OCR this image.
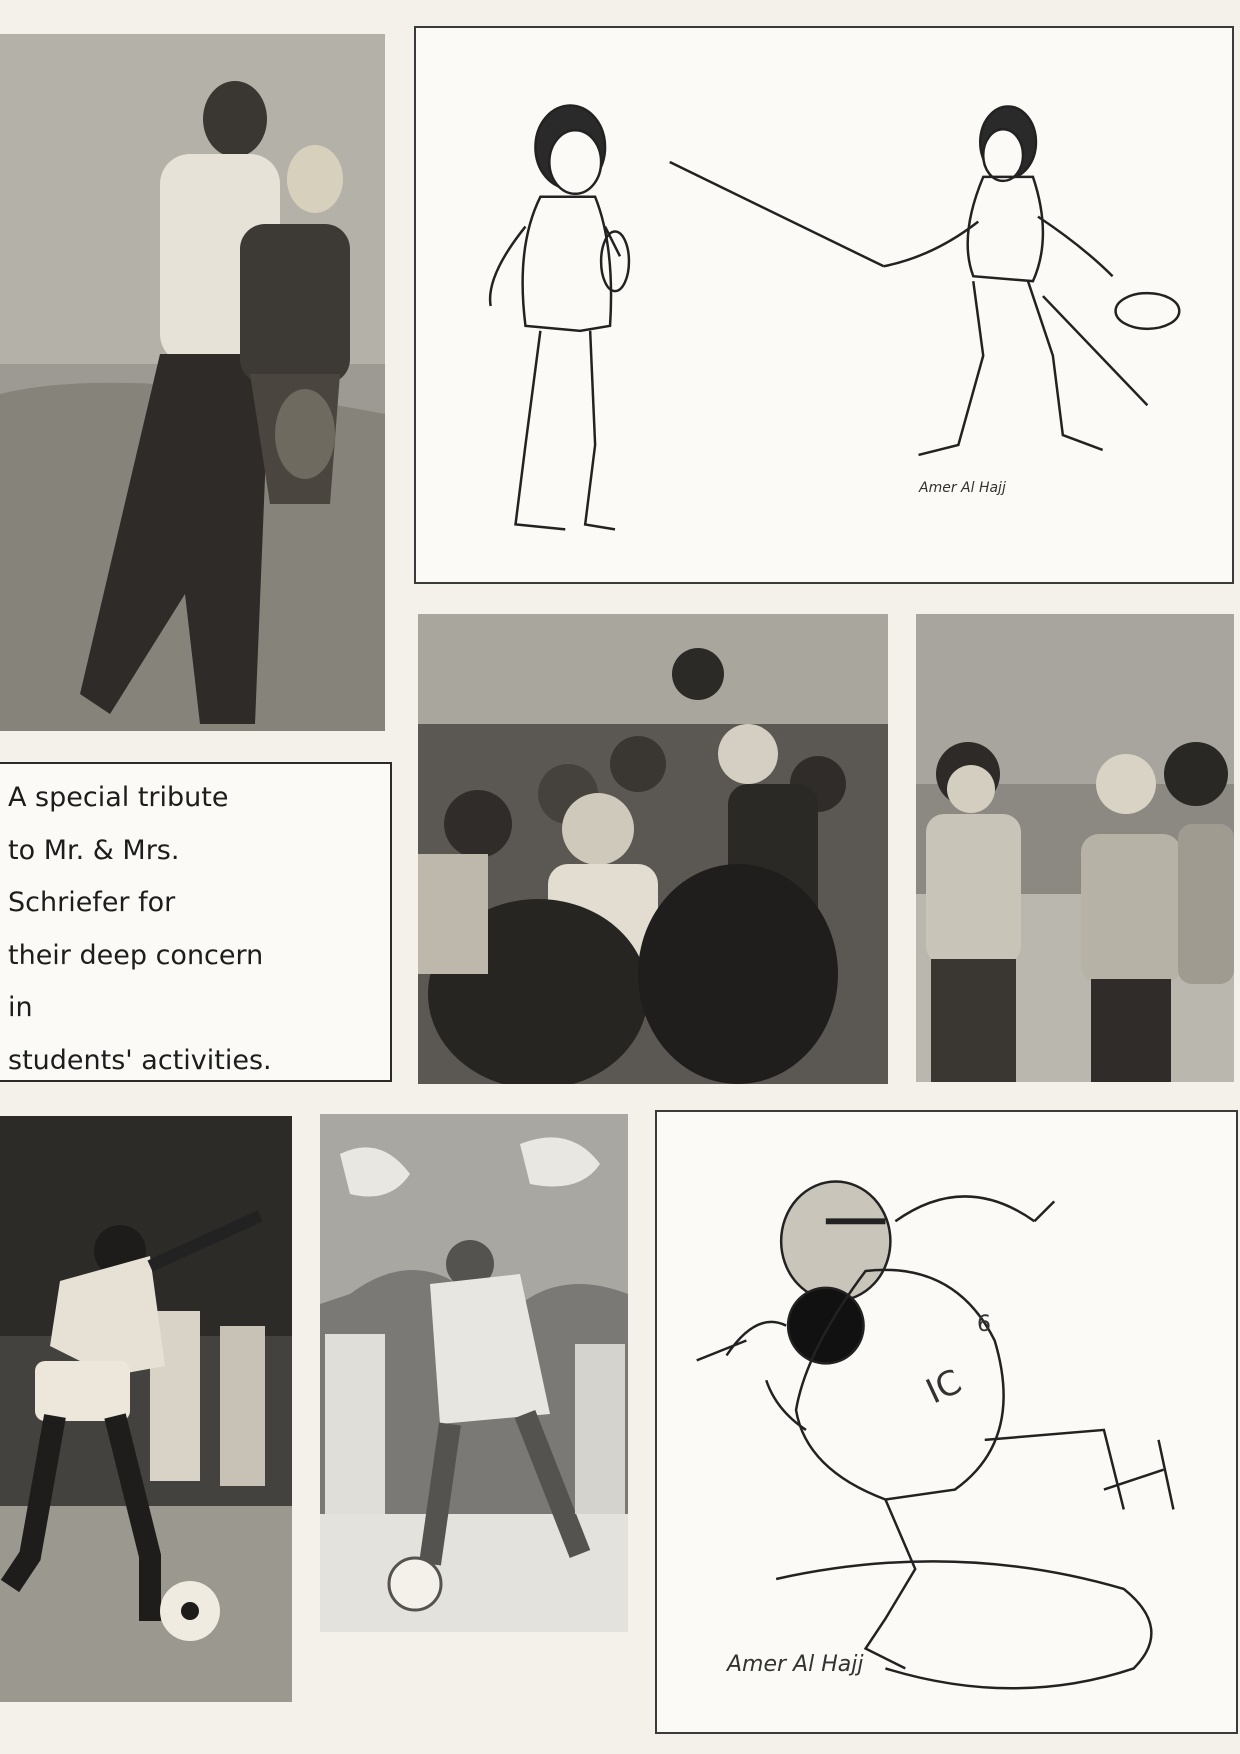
Amer Al Hajj
A special tribute
to Mr. & Mrs.
Schriefer for
their deep concern
in
students' activities.
IC
6
Amer Al Hajj
